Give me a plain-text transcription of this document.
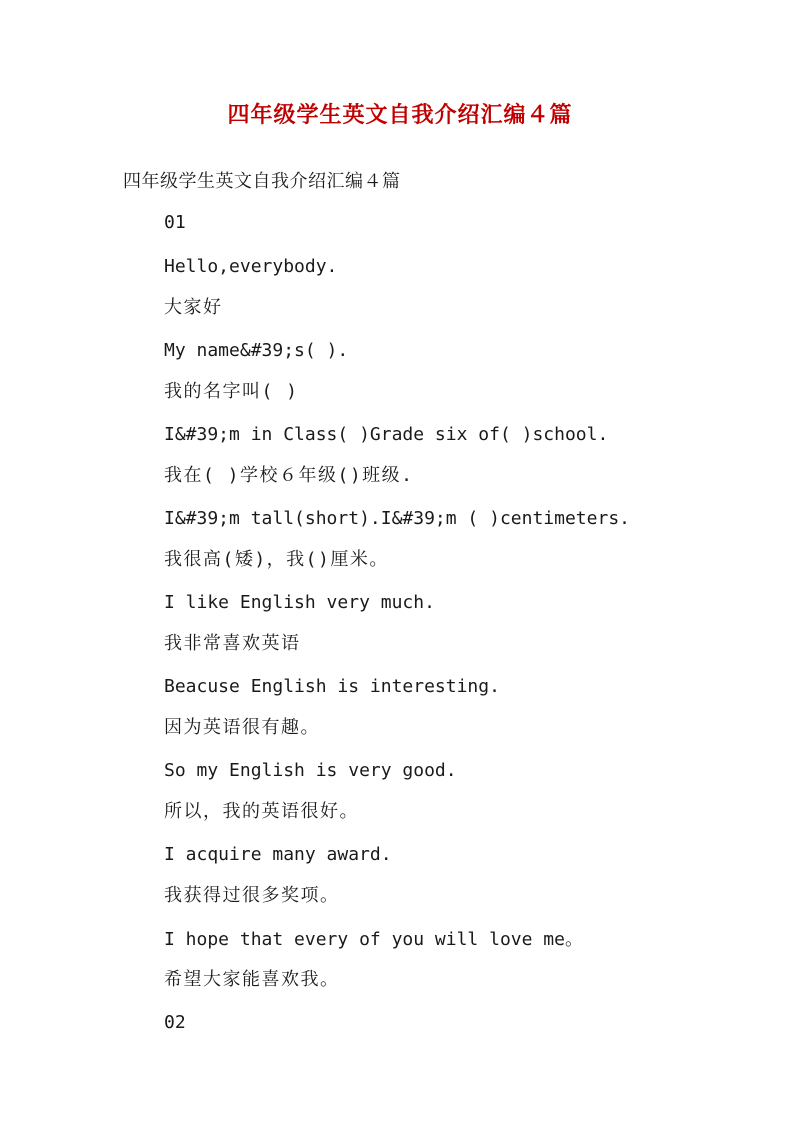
四年级学生英文自我介绍汇编４篇
四年级学生英文自我介绍汇编４篇
01
Hello,everybody.
大家好
My name&#39;s( ).
我的名字叫( )
I&#39;m in Class( )Grade six of( )school.
我在( )学校６年级()班级.
I&#39;m tall(short).I&#39;m ( )centimeters.
我很高(矮)，我()厘米。
I like English very much.
我非常喜欢英语
Beacuse English is interesting.
因为英语很有趣。
So my English is very good.
所以，我的英语很好。
I acquire many award.
我获得过很多奖项。
I hope that every of you will love me。
希望大家能喜欢我。
02
